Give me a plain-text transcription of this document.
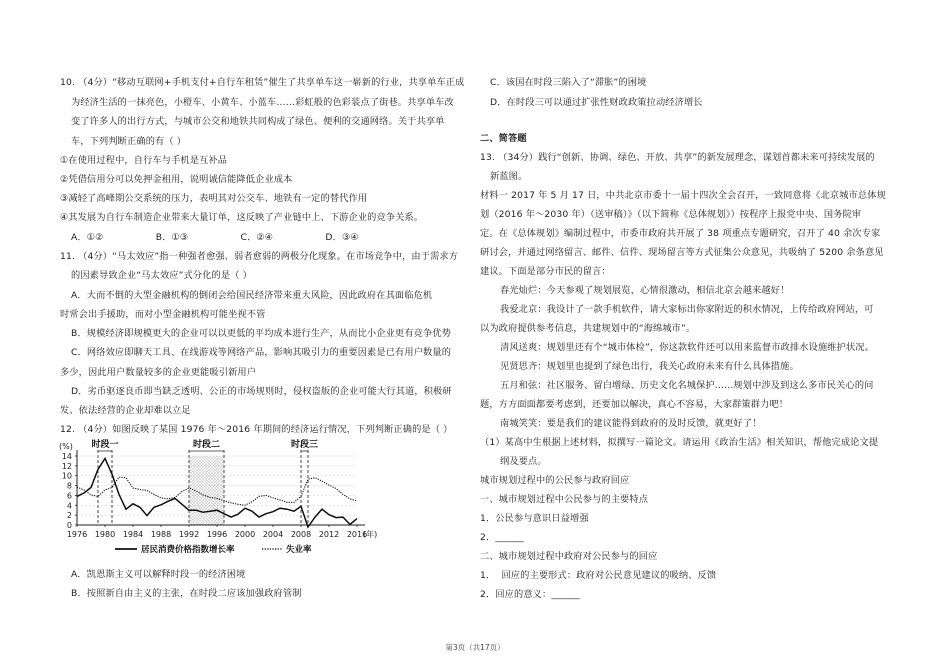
10. （4分）“移动互联网+手机支付+自行车租赁”催生了共享单车这一崭新的行业，共享单车正成
为经济生活的一抹亮色，小橙车、小黄车、小蓝车……彩虹般的色彩装点了街巷。共享单车改
变了许多人的出行方式，与城市公交和地铁共同构成了绿色、便利的交通网络。关于共享单
车，下列判断正确的有（ ）
①在使用过程中，自行车与手机是互补品
②凭借信用分可以免押金租用，说明诚信能降低企业成本
③减轻了高峰期公交系统的压力，表明其对公交车、地铁有一定的替代作用
④其发展为自行车制造企业带来大量订单，这反映了产业链中上、下游企业的竞争关系。
A．①②                 B．①③                 C．②④                 D．③④
11. （4分）“马太效应”指一种强者愈强、弱者愈弱的两极分化现象。在市场竞争中，由于需求方
的因素导致企业“马太效应”式分化的是（ ）
A．大而不倒的大型金融机构的倒闭会给国民经济带来重大风险，因此政府在其面临危机
时常会出手援助，而对小型金融机构可能坐视不管
B．规模经济即规模更大的企业可以以更低的平均成本进行生产，从而比小企业更有竞争优势
C．网络效应即聊天工具、在线游戏等网络产品，影响其吸引力的重要因素是已有用户数量的
多少，因此用户数量较多的企业更能吸引新用户
D．劣币驱逐良币即当缺乏透明、公正的市场规则时，侵权盗版的企业可能大行其道，积极研
发、依法经营的企业却难以立足
12. （4分）如图反映了某国 1976 年～2016 年期间的经济运行情况，下列判断正确的是（ ）
0
2
4
6
8
10
12
14
1976 1980 1984 1988 1992 1996 2000 2004 2008 2012 2016
时段一	时段二	时段三
(%)
(年)
居民消费价格指数增长率	失业率
A．凯恩斯主义可以解释时段一的经济困境
B．按照新自由主义的主张，在时段二应该加强政府管制
C．该国在时段三陷入了“滞胀”的困境
D．在时段三可以通过扩张性财政政策拉动经济增长
二、简答题
13. （34分）践行“创新、协调、绿色、开放、共享”的新发展理念，谋划首都未来可持续发展的
新蓝图。
材料一 2017 年 5 月 17 日，中共北京市委十一届十四次全会召开，一致同意将《北京城市总体规
划（2016 年～2030 年）（送审稿）》（以下简称《总体规划》）按程序上报党中央、国务院审
定。在《总体规划》编制过程中，市委市政府共开展了 38 项重点专题研究，召开了 40 余次专家
研讨会，并通过网络留言、邮件、信件、现场留言等方式征集公众意见，共吸纳了 5200 余条意见
建议。下面是部分市民的留言：
春光灿烂：今天参观了规划展览，心情很激动，相信北京会越来越好！
我爱北京：我设计了一款手机软件，请大家标出你家附近的积水情况，上传给政府网站，可
以为政府提供参考信息，共建规划中的“海绵城市”。
清风送爽：规划里还有个“城市体检”，你这款软件还可以用来监督市政排水设施维护状况。
见贤思齐：规划里也提到了绿色出行，我关心政府未来有什么具体措施。
五月和弦：社区服务、留白增绿、历史文化名城保护……规划中涉及到这么多市民关心的问
题，方方面面都要考虑到，还要加以解决，真心不容易，大家群策群力吧！
南城笑笑：要是我们的建议能得到政府的及时反馈，就更好了！
（1）某高中生根据上述材料，拟撰写一篇论文。请运用《政治生活》相关知识，帮他完成论文提
纲及要点。
城市规划过程中的公民参与政府回应
一、城市规划过程中公民参与的主要特点
1．公民参与意识日益增强
2．______
二、城市规划过程中政府对公民参与的回应
1．  回应的主要形式：政府对公民意见建议的吸纳、反馈
2．回应的意义：______
第3页（共17页）
